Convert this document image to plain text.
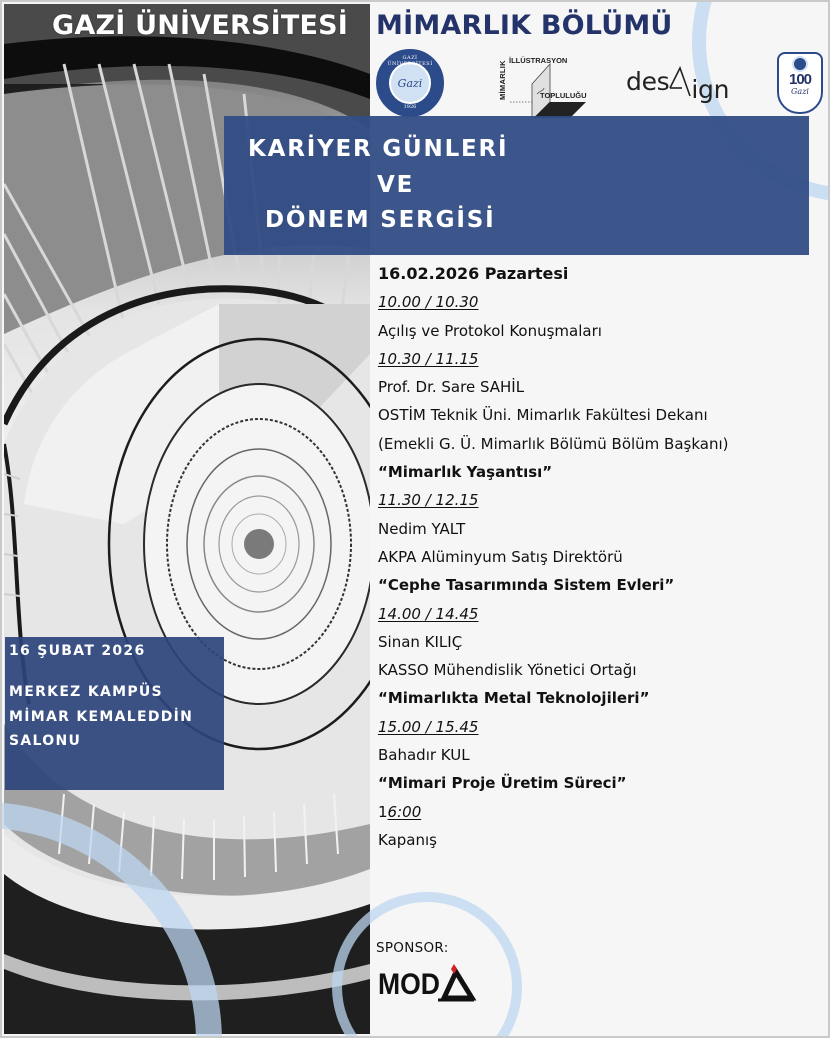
GAZİ ÜNİVERSİTESİ MİMARLIK BÖLÜMÜ
GAZİ ÜNİVERSİTESİ
Gazi
1926
MİMARLIK İLLÜSTRASYON
TOPLULUĞU des ign	100
Gazi
KARİYER GÜNLERİ
VE
DÖNEM SERGİSİ
16.02.2026 Pazartesi
10.00 / 10.30
Açılış ve Protokol Konuşmaları
10.30 / 11.15
Prof. Dr. Sare SAHİL
OSTİM Teknik Üni. Mimarlık Fakültesi Dekanı
(Emekli G. Ü. Mimarlık Bölümü Bölüm Başkanı)
“Mimarlık Yaşantısı”
11.30 / 12.15
Nedim YALT
AKPA Alüminyum Satış Direktörü
“Cephe Tasarımında Sistem Evleri”
14.00 / 14.45
Sinan KILIÇ
KASSO Mühendislik Yönetici Ortağı
“Mimarlıkta Metal Teknolojileri”
15.00 / 15.45
Bahadır KUL
“Mimari Proje Üretim Süreci”
16:00
Kapanış
16 ŞUBAT 2026
MERKEZ KAMPÜS
MİMAR KEMALEDDİN
SALONU
SPONSOR:
MOD
